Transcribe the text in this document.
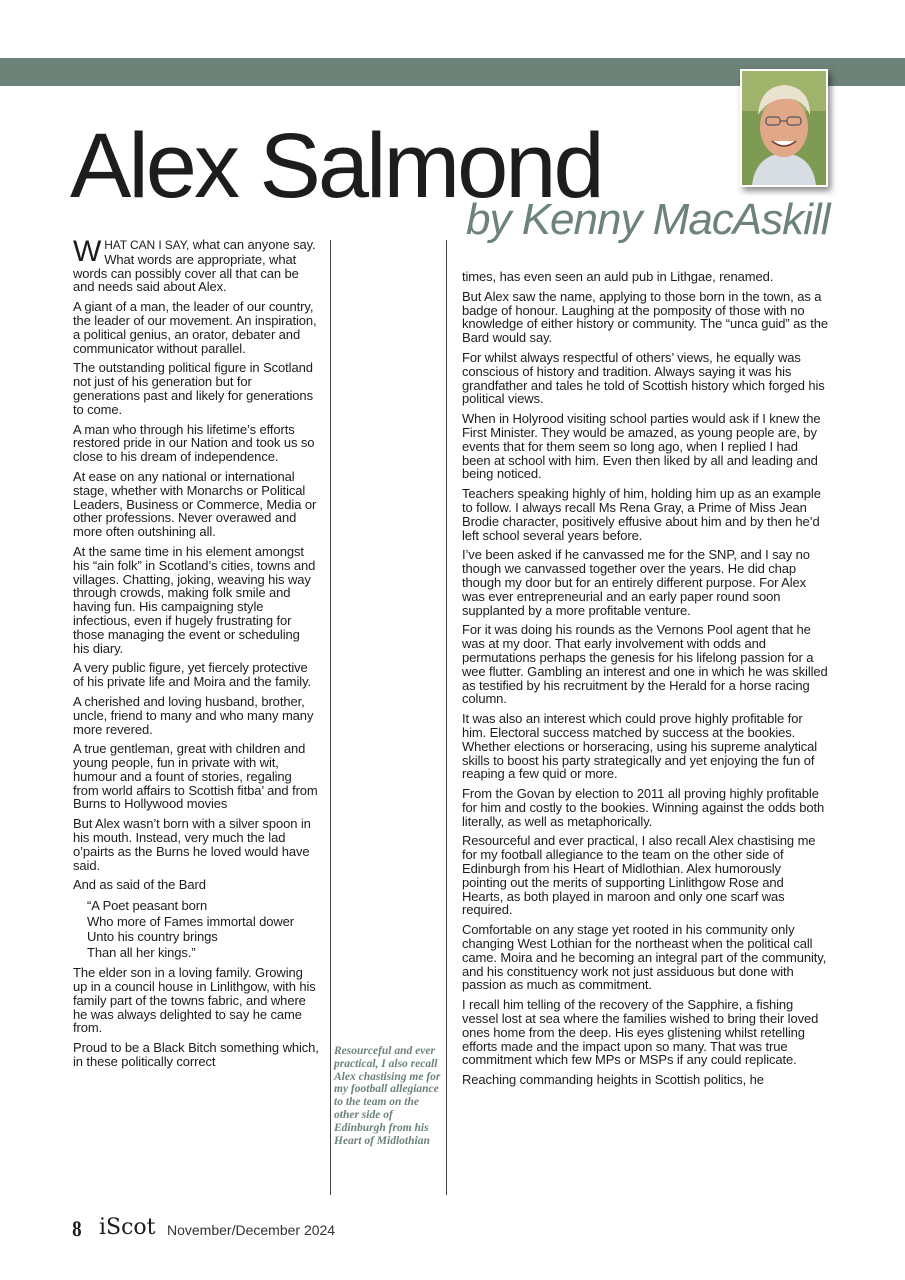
Alex Salmond
by Kenny MacAskill

WHAT CAN I SAY, what can anyone say. What words are appropriate, what words can possibly cover all that can be and needs said about Alex.

A giant of a man, the leader of our country, the leader of our movement. An inspiration, a political genius, an orator, debater and communicator without parallel.

The outstanding political figure in Scotland not just of his generation but for generations past and likely for generations to come.

A man who through his lifetime’s efforts restored pride in our Nation and took us so close to his dream of independence.

At ease on any national or international stage, whether with Monarchs or Political Leaders, Business or Commerce, Media or other professions. Never overawed and more often outshining all.

At the same time in his element amongst his “ain folk” in Scotland’s cities, towns and villages. Chatting, joking, weaving his way through crowds, making folk smile and having fun. His campaigning style infectious, even if hugely frustrating for those managing the event or scheduling his diary.

A very public figure, yet fiercely protective of his private life and Moira and the family.

A cherished and loving husband, brother, uncle, friend to many and who many many more revered.

A true gentleman, great with children and young people, fun in private with wit, humour and a fount of stories, regaling from world affairs to Scottish fitba’ and from Burns to Hollywood movies

But Alex wasn’t born with a silver spoon in his mouth. Instead, very much the lad o’pairts as the Burns he loved would have said.

And as said of the Bard

“A Poet peasant born
Who more of Fames immortal dower
Unto his country brings
Than all her kings.”

The elder son in a loving family. Growing up in a council house in Linlithgow, with his family part of the towns fabric, and where he was always delighted to say he came from.

Proud to be a Black Bitch something which, in these politically correct

Resourceful and ever practical, I also recall Alex chastising me for my football allegiance to the team on the other side of Edinburgh from his Heart of Midlothian

times, has even seen an auld pub in Lithgae, renamed.

But Alex saw the name, applying to those born in the town, as a badge of honour. Laughing at the pomposity of those with no knowledge of either history or community. The “unca guid” as the Bard would say.

For whilst always respectful of others’ views, he equally was conscious of history and tradition. Always saying it was his grandfather and tales he told of Scottish history which forged his political views.

When in Holyrood visiting school parties would ask if I knew the First Minister. They would be amazed, as young people are, by events that for them seem so long ago, when I replied I had been at school with him. Even then liked by all and leading and being noticed.

Teachers speaking highly of him, holding him up as an example to follow. I always recall Ms Rena Gray, a Prime of Miss Jean Brodie character, positively effusive about him and by then he’d left school several years before.

I’ve been asked if he canvassed me for the SNP, and I say no though we canvassed together over the years. He did chap though my door but for an entirely different purpose. For Alex was ever entrepreneurial and an early paper round soon supplanted by a more profitable venture.

For it was doing his rounds as the Vernons Pool agent that he was at my door. That early involvement with odds and permutations perhaps the genesis for his lifelong passion for a wee flutter. Gambling an interest and one in which he was skilled as testified by his recruitment by the Herald for a horse racing column.

It was also an interest which could prove highly profitable for him. Electoral success matched by success at the bookies. Whether elections or horseracing, using his supreme analytical skills to boost his party strategically and yet enjoying the fun of reaping a few quid or more.

From the Govan by election to 2011 all proving highly profitable for him and costly to the bookies. Winning against the odds both literally, as well as metaphorically.

Resourceful and ever practical, I also recall Alex chastising me for my football allegiance to the team on the other side of Edinburgh from his Heart of Midlothian. Alex humorously pointing out the merits of supporting Linlithgow Rose and Hearts, as both played in maroon and only one scarf was required.

Comfortable on any stage yet rooted in his community only changing West Lothian for the northeast when the political call came. Moira and he becoming an integral part of the community, and his constituency work not just assiduous but done with passion as much as commitment.

I recall him telling of the recovery of the Sapphire, a fishing vessel lost at sea where the families wished to bring their loved ones home from the deep. His eyes glistening whilst retelling efforts made and the impact upon so many. That was true commitment which few MPs or MSPs if any could replicate.

Reaching commanding heights in Scottish politics, he

8 iScot November/December 2024
